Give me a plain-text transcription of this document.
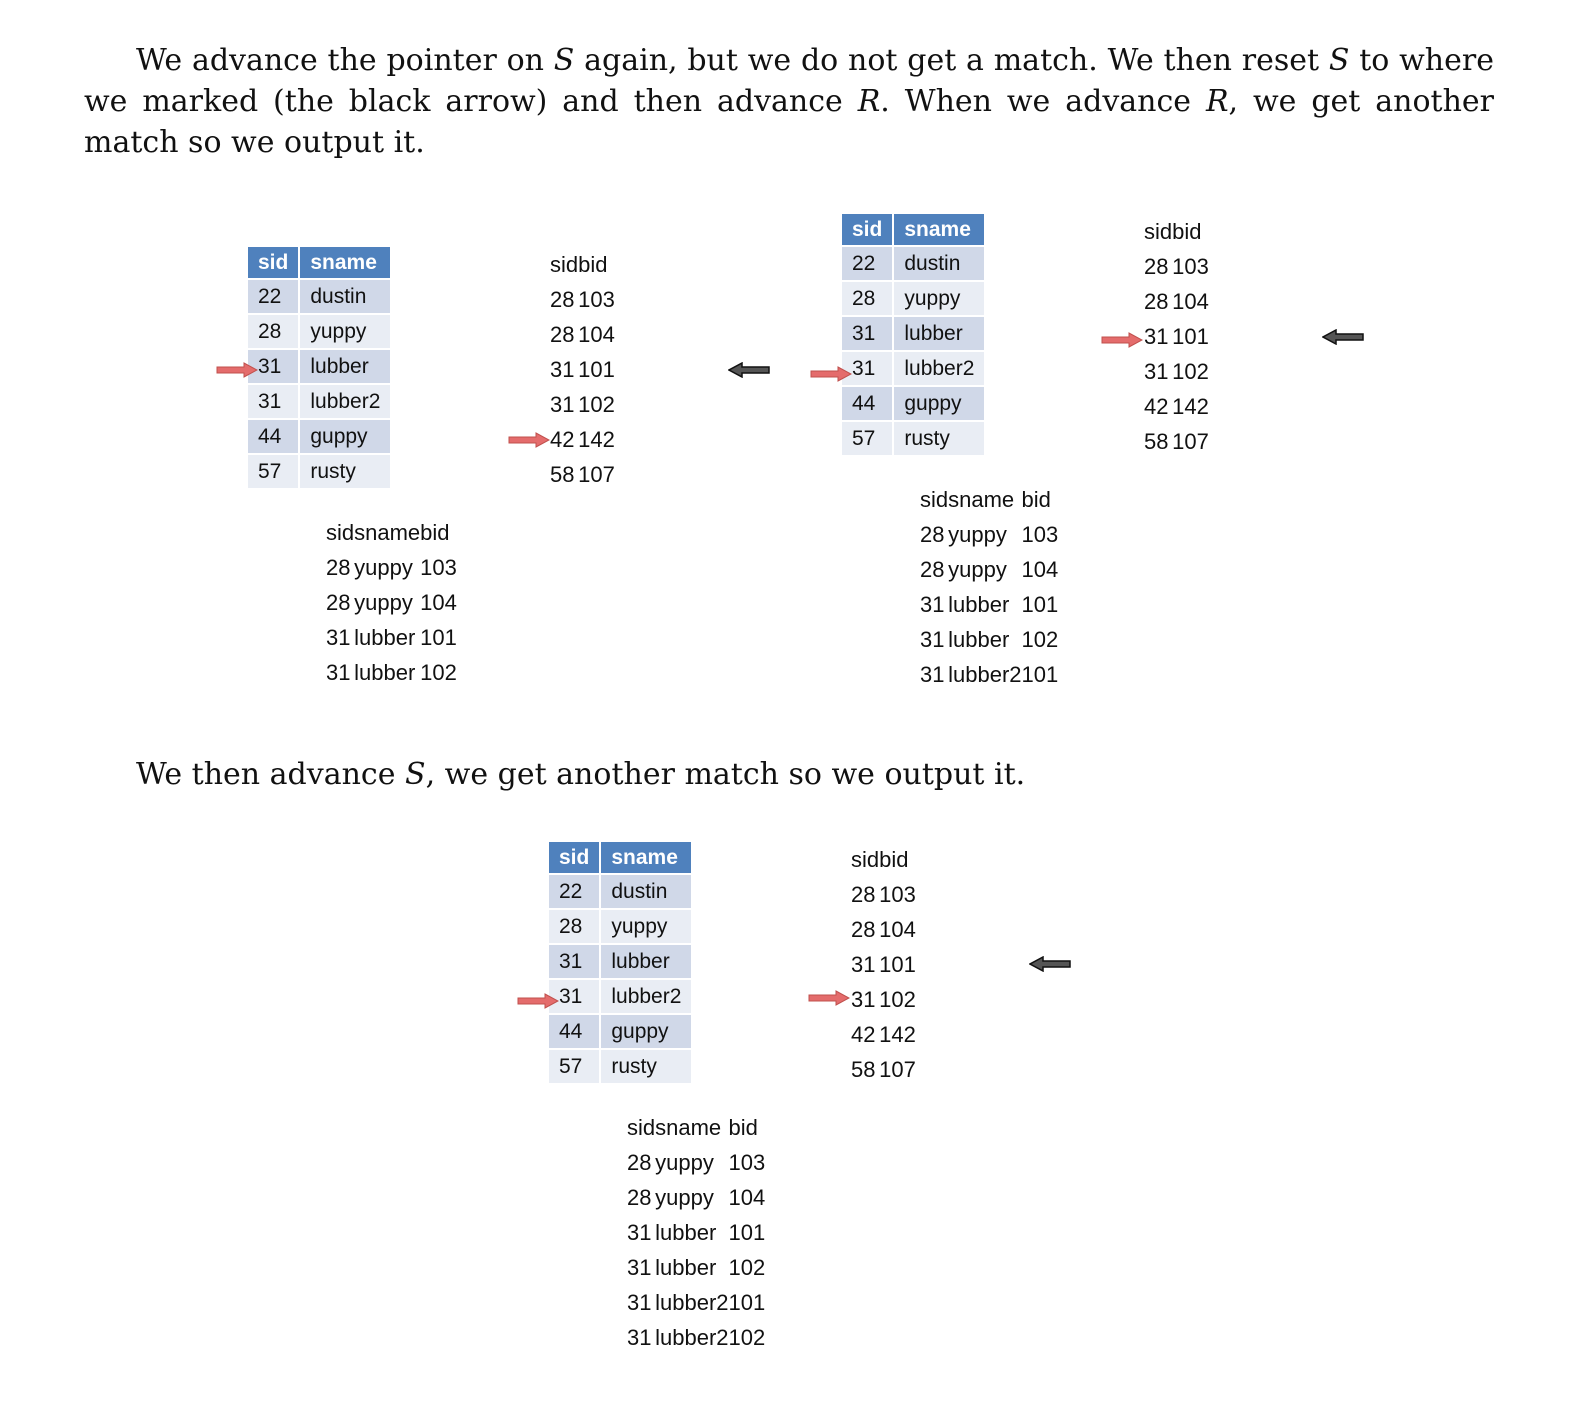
We advance the pointer on S again, but we do not get a match. We then reset S to where we marked (the black arrow) and then advance R. When we advance R, we get another match so we output it.
We then advance S, we get another match so we output it.
sid	sname
22	dustin
28	yuppy
31	lubber
31	lubber2
44	guppy
57	rusty
sid	bid
28	103
28	104
31	101
31	102
42	142
58	107
sid	sname	bid
28	yuppy	103
28	yuppy	104
31	lubber	101
31	lubber	102
sid	sname
22	dustin
28	yuppy
31	lubber
31	lubber2
44	guppy
57	rusty
sid	bid
28	103
28	104
31	101
31	102
42	142
58	107
sid	sname	bid
28	yuppy	103
28	yuppy	104
31	lubber	101
31	lubber	102
31	lubber2	101
sid	sname
22	dustin
28	yuppy
31	lubber
31	lubber2
44	guppy
57	rusty
sid	bid
28	103
28	104
31	101
31	102
42	142
58	107
sid	sname	bid
28	yuppy	103
28	yuppy	104
31	lubber	101
31	lubber	102
31	lubber2	101
31	lubber2	102
